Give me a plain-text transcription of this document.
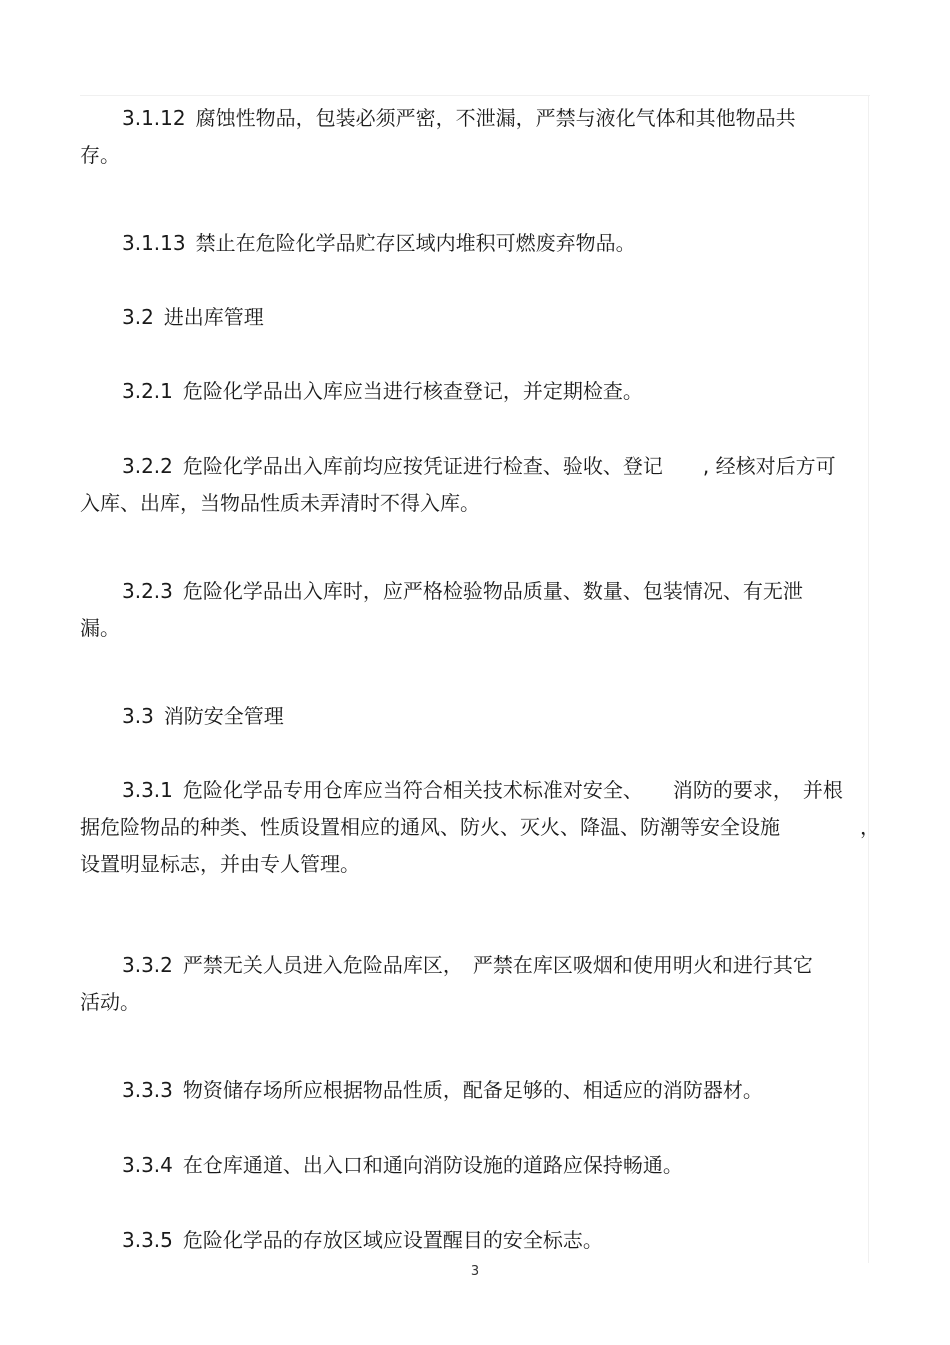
3.1.12 腐蚀性物品，包装必须严密，不泄漏，严禁与液化气体和其他物品共
存。
3.1.13 禁止在危险化学品贮存区域内堆积可燃废弃物品。
3.2 进出库管理
3.2.1 危险化学品出入库应当进行核查登记，并定期检查。
3.2.2 危险化学品出入库前均应按凭证进行检查、验收、登记　　, 经核对后方可
入库、出库，当物品性质未弄清时不得入库。
3.2.3 危险化学品出入库时，应严格检验物品质量、数量、包装情况、有无泄
漏。
3.3 消防安全管理
3.3.1 危险化学品专用仓库应当符合相关技术标准对安全、　　消防的要求，　并根
据危险物品的种类、性质设置相应的通风、防火、灭火、降温、防潮等安全设施　　　　，
设置明显标志，并由专人管理。
3.3.2 严禁无关人员进入危险品库区，　严禁在库区吸烟和使用明火和进行其它
活动。
3.3.3 物资储存场所应根据物品性质，配备足够的、相适应的消防器材。
3.3.4 在仓库通道、出入口和通向消防设施的道路应保持畅通。
3.3.5 危险化学品的存放区域应设置醒目的安全标志。
3
